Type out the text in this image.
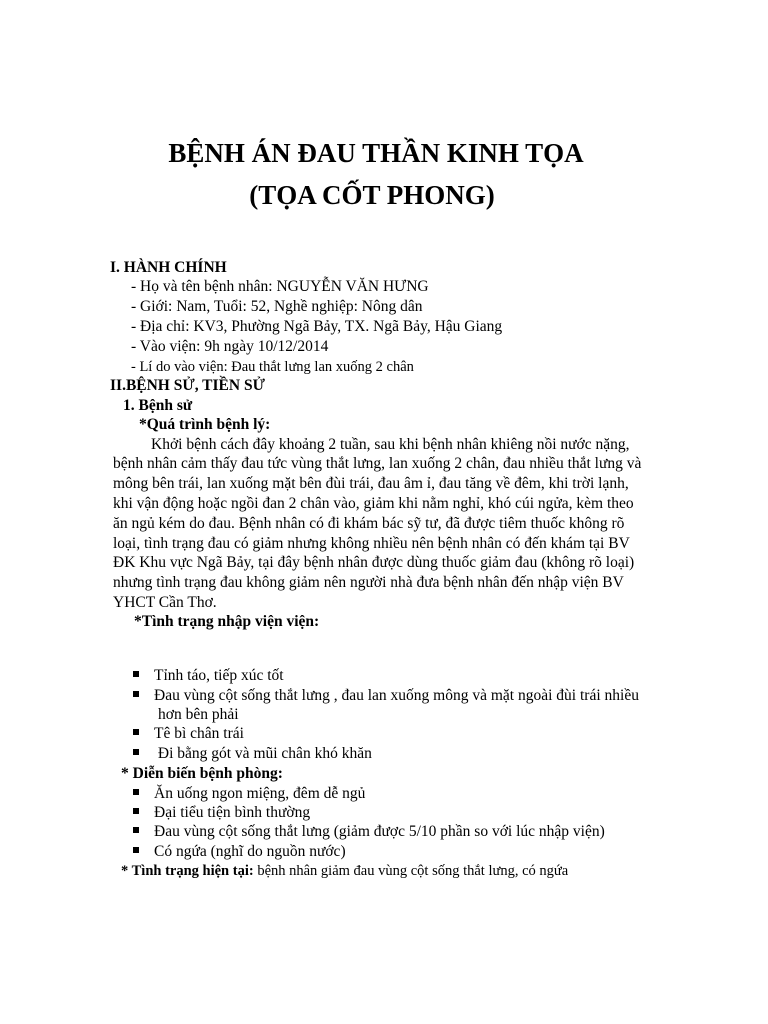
BỆNH ÁN ĐAU THẦN KINH TỌA
(TỌA CỐT PHONG)
I. HÀNH CHÍNH
- Họ và tên bệnh nhân: NGUYỄN VĂN HƯNG
- Giới: Nam, Tuổi: 52, Nghề nghiệp: Nông dân
- Địa chỉ: KV3, Phường Ngã Bảy, TX. Ngã Bảy, Hậu Giang
- Vào viện: 9h ngày 10/12/2014
- Lí do vào viện: Đau thắt lưng lan xuống 2 chân
II.BỆNH SỬ, TIỀN SỬ
1. Bệnh sử
*Quá trình bệnh lý:
Khởi bệnh cách đây khoảng 2 tuần, sau khi bệnh nhân khiêng nồi nước nặng,
bệnh nhân cảm thấy đau tức vùng thắt lưng, lan xuống 2 chân, đau nhiều thắt lưng và
mông bên trái, lan xuống mặt bên đùi trái, đau âm ỉ, đau tăng về đêm, khi trời lạnh,
khi vận động hoặc ngồi đan 2 chân vào, giảm khi nằm nghỉ, khó cúi ngửa, kèm theo
ăn ngủ kém do đau. Bệnh nhân có đi khám bác sỹ tư, đã được tiêm thuốc không rõ
loại, tình trạng đau có giảm nhưng không nhiều nên bệnh nhân có đến khám tại BV
ĐK Khu vực Ngã Bảy, tại đây bệnh nhân được dùng thuốc giảm đau (không rõ loại)
nhưng tình trạng đau không giảm nên người nhà đưa bệnh nhân đến nhập viện BV
YHCT Cần Thơ.
*Tình trạng nhập viện viện:
Tỉnh táo, tiếp xúc tốt
Đau vùng cột sống thắt lưng , đau lan xuống mông và mặt ngoài đùi trái nhiều
hơn bên phải
Tê bì chân trái
Đi bằng gót và mũi chân khó khăn
* Diễn biến bệnh phòng:
Ăn uống ngon miệng, đêm dễ ngủ
Đại tiểu tiện bình thường
Đau vùng cột sống thắt lưng (giảm được 5/10 phần so với lúc nhập viện)
Có ngứa (nghĩ do nguồn nước)
* Tình trạng hiện tại: bệnh nhân giảm đau vùng cột sống thắt lưng, có ngứa
